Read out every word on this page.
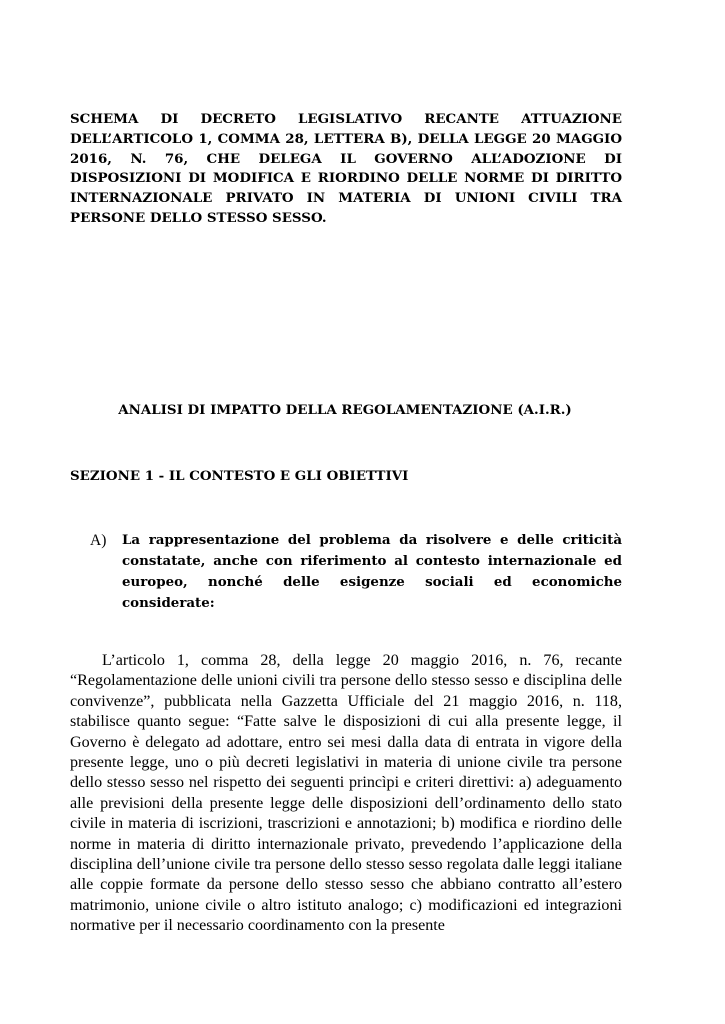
SCHEMA DI DECRETO LEGISLATIVO RECANTE ATTUAZIONE DELL’ARTICOLO 1, COMMA 28, LETTERA B), DELLA LEGGE 20 MAGGIO 2016, N. 76, CHE DELEGA IL GOVERNO ALL’ADOZIONE DI DISPOSIZIONI DI MODIFICA E RIORDINO DELLE NORME DI DIRITTO INTERNAZIONALE PRIVATO IN MATERIA DI UNIONI CIVILI TRA PERSONE DELLO STESSO SESSO.

ANALISI DI IMPATTO DELLA REGOLAMENTAZIONE (A.I.R.)

SEZIONE 1 - IL CONTESTO E GLI OBIETTIVI

A) La rappresentazione del problema da risolvere e delle criticità constatate, anche con riferimento al contesto internazionale ed europeo, nonché delle esigenze sociali ed economiche considerate:

L’articolo 1, comma 28, della legge 20 maggio 2016, n. 76, recante “Regolamentazione delle unioni civili tra persone dello stesso sesso e disciplina delle convivenze”, pubblicata nella Gazzetta Ufficiale del 21 maggio 2016, n. 118, stabilisce quanto segue: “Fatte salve le disposizioni di cui alla presente legge, il Governo è delegato ad adottare, entro sei mesi dalla data di entrata in vigore della presente legge, uno o più decreti legislativi in materia di unione civile tra persone dello stesso sesso nel rispetto dei seguenti princìpi e criteri direttivi: a) adeguamento alle previsioni della presente legge delle disposizioni dell’ordinamento dello stato civile in materia di iscrizioni, trascrizioni e annotazioni; b) modifica e riordino delle norme in materia di diritto internazionale privato, prevedendo l’applicazione della disciplina dell’unione civile tra persone dello stesso sesso regolata dalle leggi italiane alle coppie formate da persone dello stesso sesso che abbiano contratto all’estero matrimonio, unione civile o altro istituto analogo; c) modificazioni ed integrazioni normative per il necessario coordinamento con la presente
